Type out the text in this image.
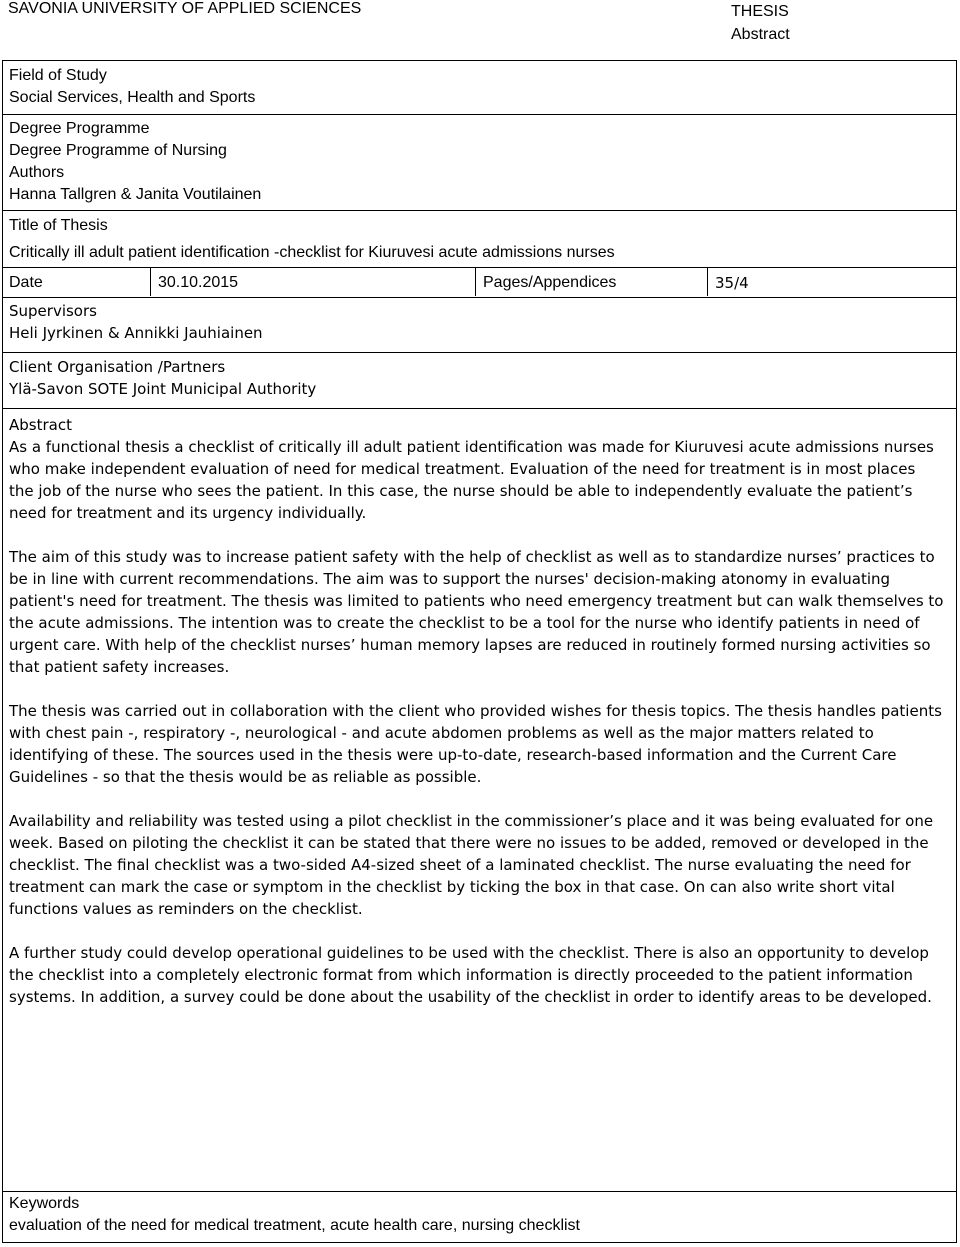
SAVONIA UNIVERSITY OF APPLIED SCIENCES	THESIS
Abstract
Field of Study
Social Services, Health and Sports
Degree Programme
Degree Programme of Nursing
Authors
Hanna Tallgren & Janita Voutilainen
Title of Thesis
Critically ill adult patient identification -checklist for Kiuruvesi acute admissions nurses
Date	30.10.2015	Pages/Appendices	35/4
Supervisors
Heli Jyrkinen & Annikki Jauhiainen
Client Organisation /Partners
Ylä-Savon SOTE Joint Municipal Authority
Abstract

As a functional thesis a checklist of critically ill adult patient identification was made for Kiuruvesi acute admissions nurses who make independent evaluation of need for medical treatment. Evaluation of the need for treatment is in most places the job of the nurse who sees the patient. In this case, the nurse should be able to independently evaluate the patient’s need for treatment and its urgency individually.

The aim of this study was to increase patient safety with the help of checklist as well as to standardize nurses’ practices to be in line with current recommendations. The aim was to support the nurses' decision-making atonomy in evaluating patient's need for treatment. The thesis was limited to patients who need emergency treatment but can walk themselves to the acute admissions. The intention was to create the checklist to be a tool for the nurse who identify patients in need of urgent care. With help of the checklist nurses’ human memory lapses are reduced in routinely formed nursing activities so that patient safety increases.

The thesis was carried out in collaboration with the client who provided wishes for thesis topics. The thesis handles patients with chest pain -, respiratory -, neurological - and acute abdomen problems as well as the major matters related to identifying of these. The sources used in the thesis were up-to-date, research-based information and the Current Care Guidelines - so that the thesis would be as reliable as possible.

Availability and reliability was tested using a pilot checklist in the commissioner’s place and it was being evaluated for one week. Based on piloting the checklist it can be stated that there were no issues to be added, removed or developed in the checklist. The final checklist was a two-sided A4-sized sheet of a laminated checklist. The nurse evaluating the need for treatment can mark the case or symptom in the checklist by ticking the box in that case. On can also write short vital functions values as reminders on the checklist.

A further study could develop operational guidelines to be used with the checklist. There is also an opportunity to develop the checklist into a completely electronic format from which information is directly proceeded to the patient information systems. In addition, a survey could be done about the usability of the checklist in order to identify areas to be developed.

Keywords
evaluation of the need for medical treatment, acute health care, nursing checklist
